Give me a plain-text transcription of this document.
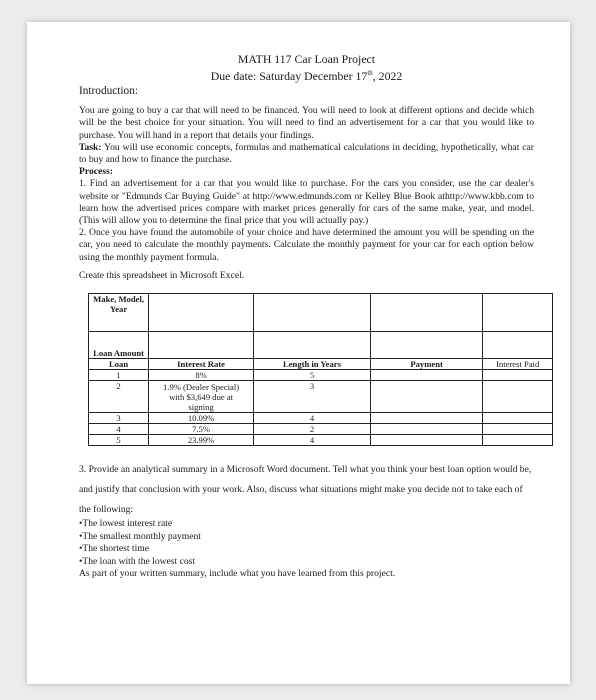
MATH 117 Car Loan Project
Due date: Saturday December 17th, 2022
Introduction:

You are going to buy a car that will need to be financed. You will need to look at different options and decide which will be the best choice for your situation. You will need to find an advertisement for a car that you would like to purchase. You will hand in a report that details your findings.

Task: You will use economic concepts, formulas and mathematical calculations in deciding, hypothetically, what car to buy and how to finance the purchase.

Process:

1. Find an advertisement for a car that you would like to purchase. For the cars you consider, use the car dealer's website or "Edmunds Car Buying Guide" at http://www.edmunds.com or Kelley Blue Book athttp://www.kbb.com to learn how the advertised prices compare with market prices generally for cars of the same make, year, and model. (This will allow you to determine the final price that you will actually pay.)

2. Once you have found the automobile of your choice and have determined the amount you will be spending on the car, you need to calculate the monthly payments. Calculate the monthly payment for your car for each option below using the monthly payment formula.

Create this spreadsheet in Microsoft Excel.
Make, Model, Year				
Loan Amount				
Loan	Interest Rate	Length in Years	Payment	Interest Paid
1	8%	5		
2	1.9% (Dealer Special) with $3,649 due at signing	3		
3	10.09%	4		
4	7.5%	2		
5	23.99%	4		

3. Provide an analytical summary in a Microsoft Word document. Tell what you think your best loan option would be, and justify that conclusion with your work. Also, discuss what situations might make you decide not to take each of the following:

•The lowest interest rate
•The smallest monthly payment
•The shortest time
•The loan with the lowest cost
As part of your written summary, include what you have learned from this project.
